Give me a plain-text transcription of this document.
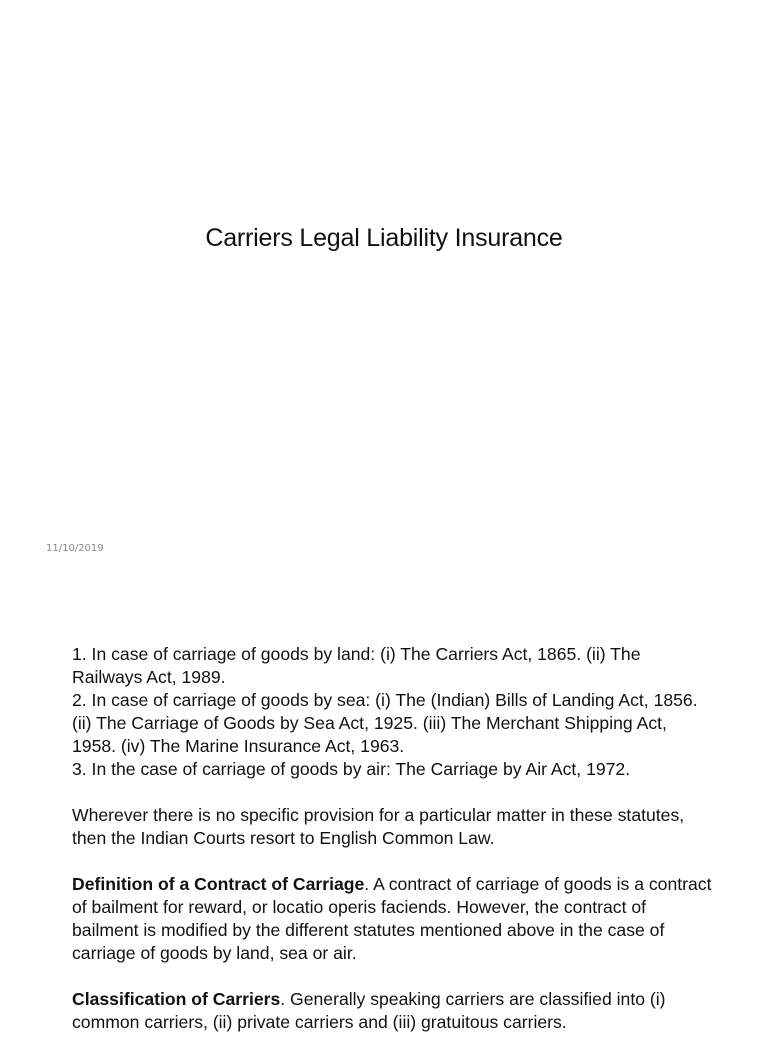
Carriers Legal Liability Insurance
11/10/2019

1. In case of carriage of goods by land: (i) The Carriers Act, 1865. (ii) The Railways Act, 1989.
2. In case of carriage of goods by sea: (i) The (Indian) Bills of Landing Act, 1856. (ii) The Carriage of Goods by Sea Act, 1925. (iii) The Merchant Shipping Act, 1958. (iv) The Marine Insurance Act, 1963.
3. In the case of carriage of goods by air: The Carriage by Air Act, 1972.

Wherever there is no specific provision for a particular matter in these statutes, then the Indian Courts resort to English Common Law.

Definition of a Contract of Carriage. A contract of carriage of goods is a contract of bailment for reward, or locatio operis faciends. However, the contract of bailment is modified by the different statutes mentioned above in the case of carriage of goods by land, sea or air.

Classification of Carriers. Generally speaking carriers are classified into (i) common carriers, (ii) private carriers and (iii) gratuitous carriers.
